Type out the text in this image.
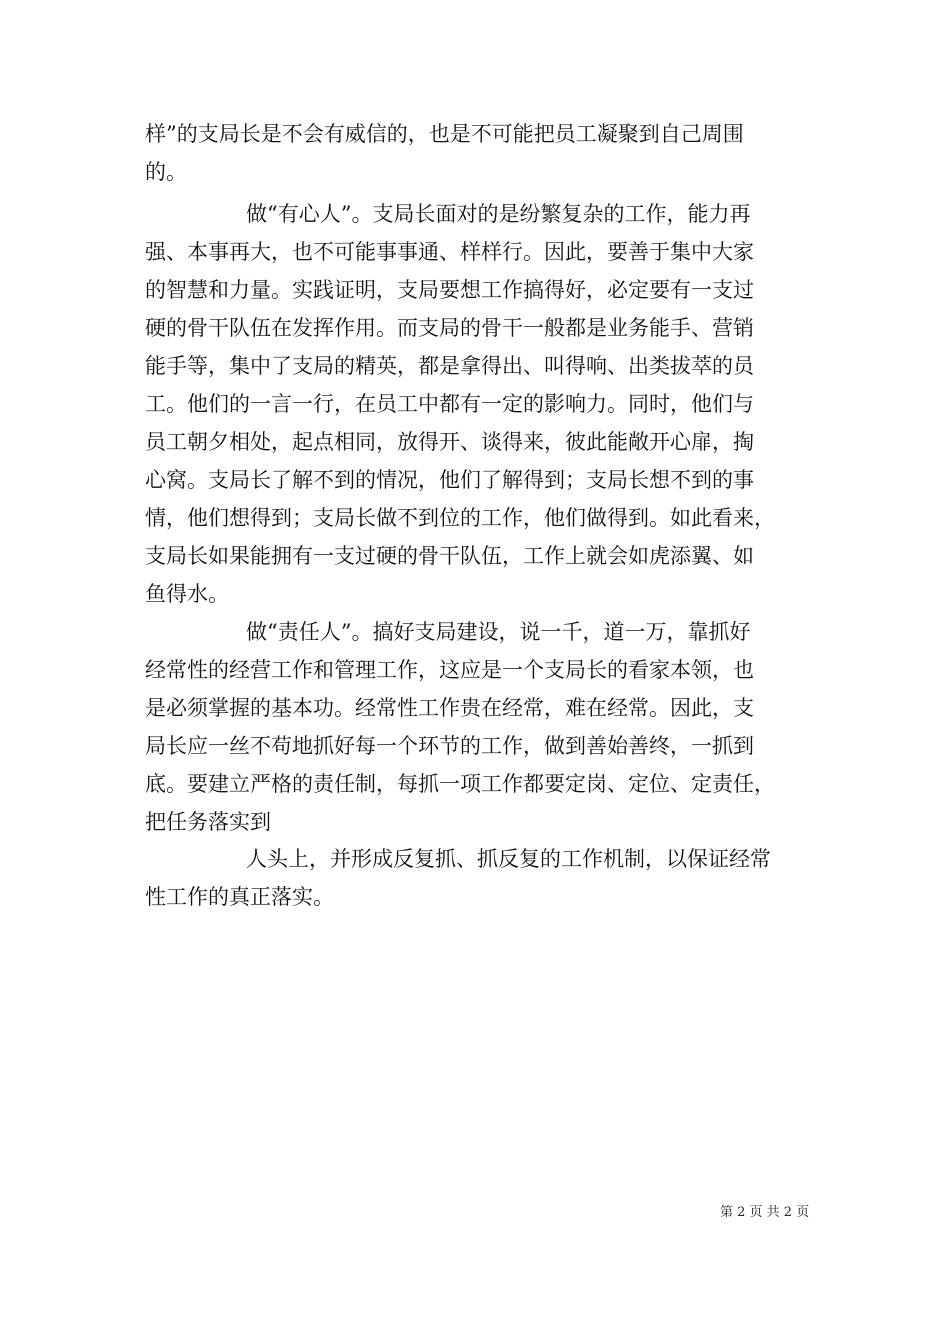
样”的支局长是不会有威信的，也是不可能把员工凝聚到自己周围
的。
做“有心人”。支局长面对的是纷繁复杂的工作，能力再
强、本事再大，也不可能事事通、样样行。因此，要善于集中大家
的智慧和力量。实践证明，支局要想工作搞得好，必定要有一支过
硬的骨干队伍在发挥作用。而支局的骨干一般都是业务能手、营销
能手等，集中了支局的精英，都是拿得出、叫得响、出类拔萃的员
工。他们的一言一行，在员工中都有一定的影响力。同时，他们与
员工朝夕相处，起点相同，放得开、谈得来，彼此能敞开心扉，掏
心窝。支局长了解不到的情况，他们了解得到；支局长想不到的事
情，他们想得到；支局长做不到位的工作，他们做得到。如此看来，
支局长如果能拥有一支过硬的骨干队伍，工作上就会如虎添翼、如
鱼得水。
做“责任人”。搞好支局建设，说一千，道一万，靠抓好
经常性的经营工作和管理工作，这应是一个支局长的看家本领，也
是必须掌握的基本功。经常性工作贵在经常，难在经常。因此，支
局长应一丝不苟地抓好每一个环节的工作，做到善始善终，一抓到
底。要建立严格的责任制，每抓一项工作都要定岗、定位、定责任，
把任务落实到
人头上，并形成反复抓、抓反复的工作机制，以保证经常
性工作的真正落实。
第 2 页 共 2 页
